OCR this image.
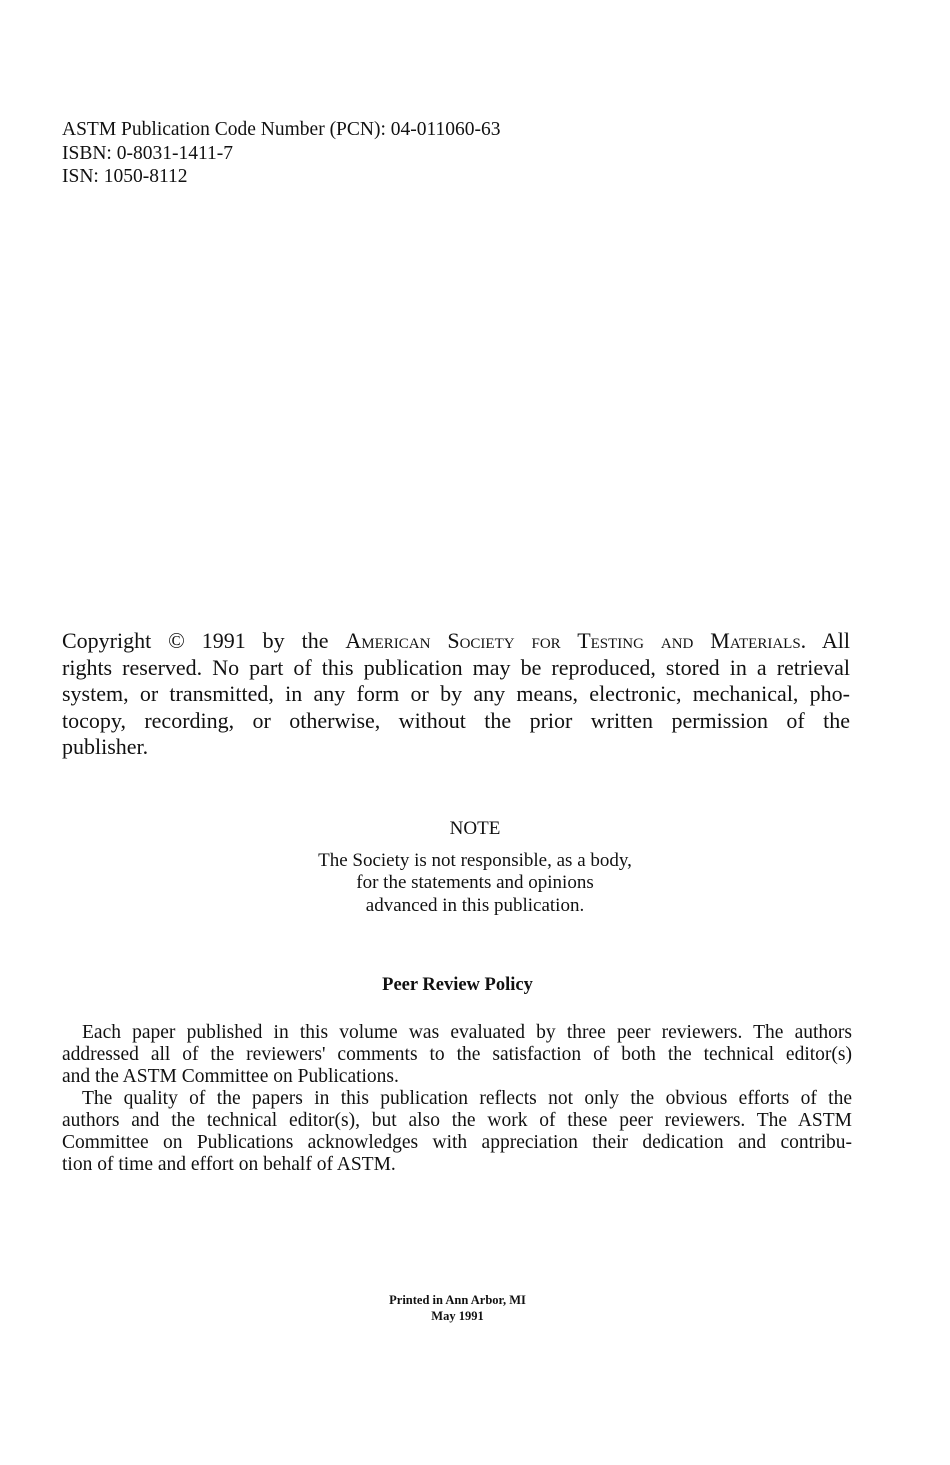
ASTM Publication Code Number (PCN): 04-011060-63
ISBN: 0-8031-1411-7
ISN: 1050-8112
Copyright © 1991 by the American Society for Testing and Materials. All
rights reserved. No part of this publication may be reproduced, stored in a retrieval
system, or transmitted, in any form or by any means, electronic, mechanical, pho-
tocopy, recording, or otherwise, without the prior written permission of the
publisher.
NOTE
The Society is not responsible, as a body,
for the statements and opinions
advanced in this publication.
Peer Review Policy
Each paper published in this volume was evaluated by three peer reviewers. The authors
addressed all of the reviewers' comments to the satisfaction of both the technical editor(s)
and the ASTM Committee on Publications.
The quality of the papers in this publication reflects not only the obvious efforts of the
authors and the technical editor(s), but also the work of these peer reviewers. The ASTM
Committee on Publications acknowledges with appreciation their dedication and contribu-
tion of time and effort on behalf of ASTM.
Printed in Ann Arbor, MI
May 1991
